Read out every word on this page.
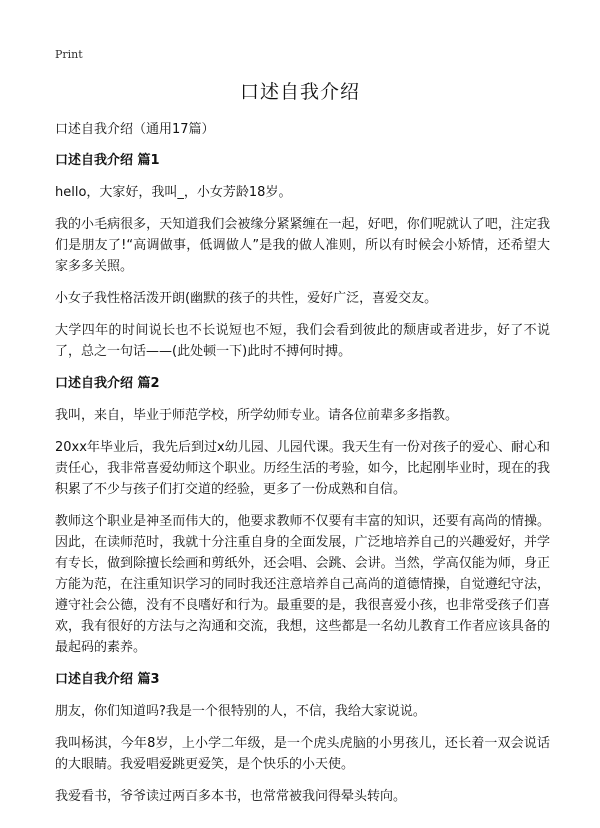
Print
口述自我介绍

口述自我介绍（通用17篇）

口述自我介绍 篇1

hello，大家好，我叫_，小女芳龄18岁。

我的小毛病很多，天知道我们会被缘分紧紧缠在一起，好吧，你们呢就认了吧，注定我们是朋友了!“高调做事，低调做人”是我的做人准则，所以有时候会小矫情，还希望大家多多关照。

小女子我性格活泼开朗(幽默的孩子的共性，爱好广泛，喜爱交友。

大学四年的时间说长也不长说短也不短，我们会看到彼此的颓唐或者进步，好了不说了，总之一句话——(此处顿一下)此时不搏何时搏。

口述自我介绍 篇2

我叫，来自，毕业于师范学校，所学幼师专业。请各位前辈多多指教。

20xx年毕业后，我先后到过x幼儿园、儿园代课。我天生有一份对孩子的爱心、耐心和责任心，我非常喜爱幼师这个职业。历经生活的考验，如今，比起刚毕业时，现在的我积累了不少与孩子们打交道的经验，更多了一份成熟和自信。

教师这个职业是神圣而伟大的，他要求教师不仅要有丰富的知识，还要有高尚的情操。因此，在读师范时，我就十分注重自身的全面发展，广泛地培养自己的兴趣爱好，并学有专长，做到除擅长绘画和剪纸外，还会唱、会跳、会讲。当然，学高仅能为师，身正方能为范，在注重知识学习的同时我还注意培养自己高尚的道德情操，自觉遵纪守法，遵守社会公德，没有不良嗜好和行为。最重要的是，我很喜爱小孩，也非常受孩子们喜欢，我有很好的方法与之沟通和交流，我想，这些都是一名幼儿教育工作者应该具备的最起码的素养。

口述自我介绍 篇3

朋友，你们知道吗?我是一个很特别的人，不信，我给大家说说。

我叫杨淇，今年8岁，上小学二年级，是一个虎头虎脑的小男孩儿，还长着一双会说话的大眼睛。我爱唱爱跳更爱笑，是个快乐的小天使。

我爱看书，爷爷读过两百多本书，也常常被我问得晕头转向。
